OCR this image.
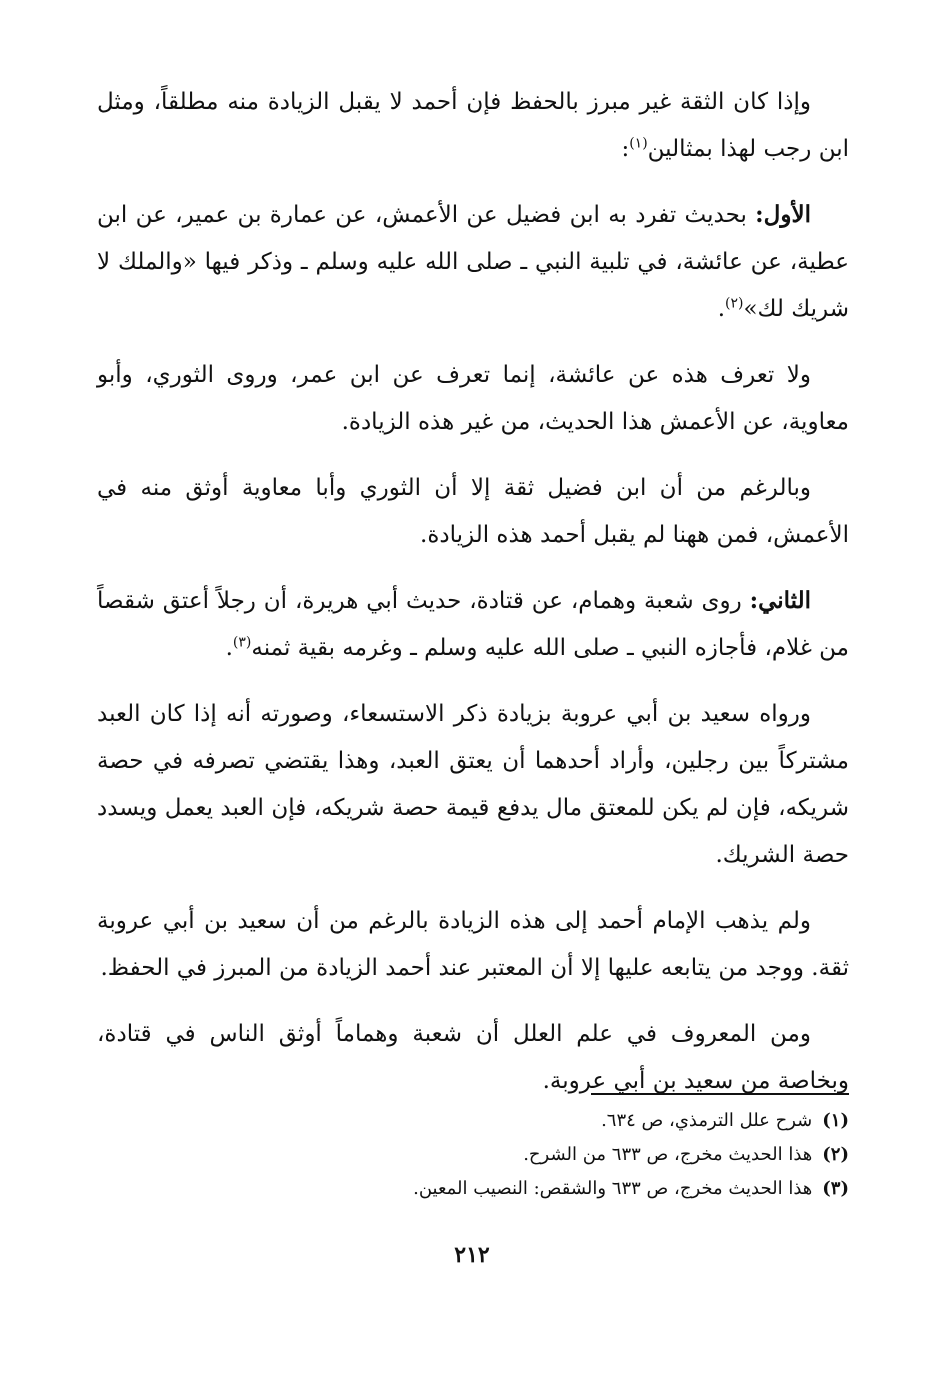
وإذا كان الثقة غير مبرز بالحفظ فإن أحمد لا يقبل الزيادة منه مطلقاً، ومثل ابن رجب لهذا بمثالين$^{(١)}$:

الأول: بحديث تفرد به ابن فضيل عن الأعمش، عن عمارة بن عمير، عن ابن عطية، عن عائشة، في تلبية النبي ـ صلى الله عليه وسلم ـ وذكر فيها «والملك لا شريك لك»$^{(٢)}$.

ولا تعرف هذه عن عائشة، إنما تعرف عن ابن عمر، وروى الثوري، وأبو معاوية، عن الأعمش هذا الحديث، من غير هذه الزيادة.

وبالرغم من أن ابن فضيل ثقة إلا أن الثوري وأبا معاوية أوثق منه في الأعمش، فمن ههنا لم يقبل أحمد هذه الزيادة.

الثاني: روى شعبة وهمام، عن قتادة، حديث أبي هريرة، أن رجلاً أعتق شقصاً من غلام، فأجازه النبي ـ صلى الله عليه وسلم ـ وغرمه بقية ثمنه$^{(٣)}$.

ورواه سعيد بن أبي عروبة بزيادة ذكر الاستسعاء، وصورته أنه إذا كان العبد مشتركاً بين رجلين، وأراد أحدهما أن يعتق العبد، وهذا يقتضي تصرفه في حصة شريكه، فإن لم يكن للمعتق مال يدفع قيمة حصة شريكه، فإن العبد يعمل ويسدد حصة الشريك.

ولم يذهب الإمام أحمد إلى هذه الزيادة بالرغم من أن سعيد بن أبي عروبة ثقة. ووجد من يتابعه عليها إلا أن المعتبر عند أحمد الزيادة من المبرز في الحفظ.

ومن المعروف في علم العلل أن شعبة وهماماً أوثق الناس في قتادة، وبخاصة من سعيد بن أبي عروبة.

(١)شرح علل الترمذي، ص ٦٣٤.

(٢)هذا الحديث مخرج، ص ٦٣٣ من الشرح.

(٣)هذا الحديث مخرج، ص ٦٣٣ والشقص: النصيب المعين.

٢١٢
